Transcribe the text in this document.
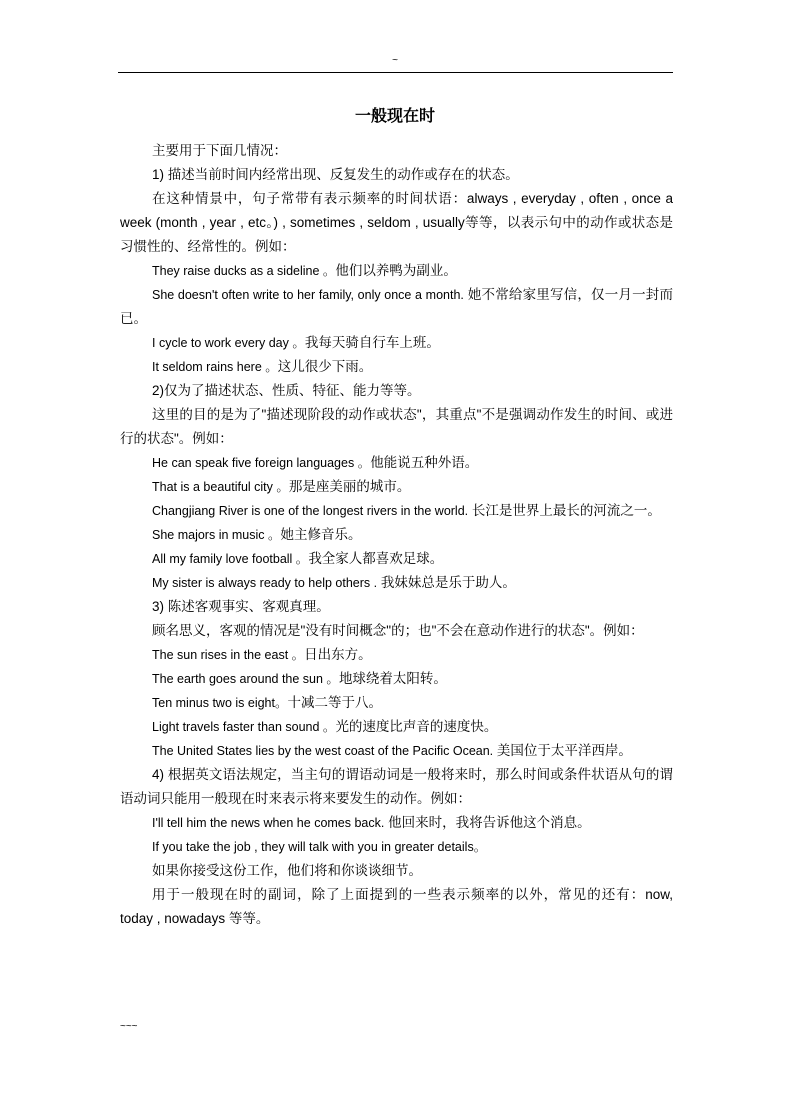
~
一般现在时

主要用于下面几情况：

1) 描述当前时间内经常出现、反复发生的动作或存在的状态。

在这种情景中，句子常带有表示频率的时间状语：always , everyday , often , once a week (month , year , etc。) , sometimes , seldom , usually等等，以表示句中的动作或状态是习惯性的、经常性的。例如：

They raise ducks as a sideline 。他们以养鸭为副业。

She doesn't often write to her family, only once a month. 她不常给家里写信，仅一月一封而已。

I cycle to work every day 。我每天骑自行车上班。

It seldom rains here 。这儿很少下雨。

2)仅为了描述状态、性质、特征、能力等等。

这里的目的是为了"描述现阶段的动作或状态"，其重点"不是强调动作发生的时间、或进行的状态"。例如：

He can speak five foreign languages 。他能说五种外语。

That is a beautiful city 。那是座美丽的城市。

Changjiang River is one of the longest rivers in the world. 长江是世界上最长的河流之一。

She majors in music 。她主修音乐。

All my family love football 。我全家人都喜欢足球。

My sister is always ready to help others . 我妹妹总是乐于助人。

3) 陈述客观事实、客观真理。

顾名思义，客观的情况是"没有时间概念"的；也"不会在意动作进行的状态"。例如：

The sun rises in the east 。日出东方。

The earth goes around the sun 。地球绕着太阳转。

Ten minus two is eight。十减二等于八。

Light travels faster than sound 。光的速度比声音的速度快。

The United States lies by the west coast of the Pacific Ocean. 美国位于太平洋西岸。

4) 根据英文语法规定，当主句的谓语动词是一般将来时，那么时间或条件状语从句的谓语动词只能用一般现在时来表示将来要发生的动作。例如：

I'll tell him the news when he comes back. 他回来时，我将告诉他这个消息。

If you take the job , they will talk with you in greater details。

如果你接受这份工作，他们将和你谈谈细节。

用于一般现在时的副词，除了上面提到的一些表示频率的以外，常见的还有：now, today , nowadays 等等。

~~~
